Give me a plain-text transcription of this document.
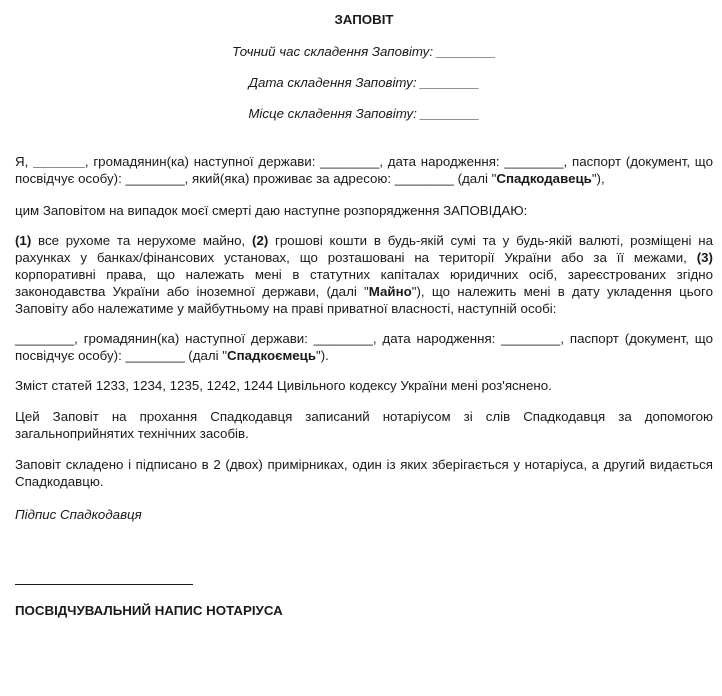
ЗАПОВІТ
Точний час складення Заповіту: ________
Дата складення Заповіту: ________
Місце складення Заповіту: ________
Я, _______, громадянин(ка) наступної держави: ________, дата народження: ________, паспорт (документ, що посвідчує особу): ________, який(яка) проживає за адресою: ________ (далі "Спадкодавець"),
цим Заповітом на випадок моєї смерті даю наступне розпорядження ЗАПОВІДАЮ:
(1) все рухоме та нерухоме майно, (2) грошові кошти в будь-якій сумі та у будь-якій валюті, розміщені на рахунках у банках/фінансових установах, що розташовані на території України або за її межами, (3) корпоративні права, що належать мені в статутних капіталах юридичних осіб, зареєстрованих згідно законодавства України або іноземної держави, (далі "Майно"), що належить мені в дату укладення цього Заповіту або належатиме у майбутньому на праві приватної власності, наступній особі:
________, громадянин(ка) наступної держави: ________, дата народження: ________, паспорт (документ, що посвідчує особу): ________ (далі "Спадкоємець").
Зміст статей 1233, 1234, 1235, 1242, 1244 Цивільного кодексу України мені роз'яснено.
Цей Заповіт на прохання Спадкодавця записаний нотаріусом зі слів Спадкодавця за допомогою загальноприйнятих технічних засобів.
Заповіт складено і підписано в 2 (двох) примірниках, один із яких зберігається у нотаріуса, а другий видається Спадкодавцю.
Підпис Спадкодавця
ПОСВІДЧУВАЛЬНИЙ НАПИС НОТАРІУСА
